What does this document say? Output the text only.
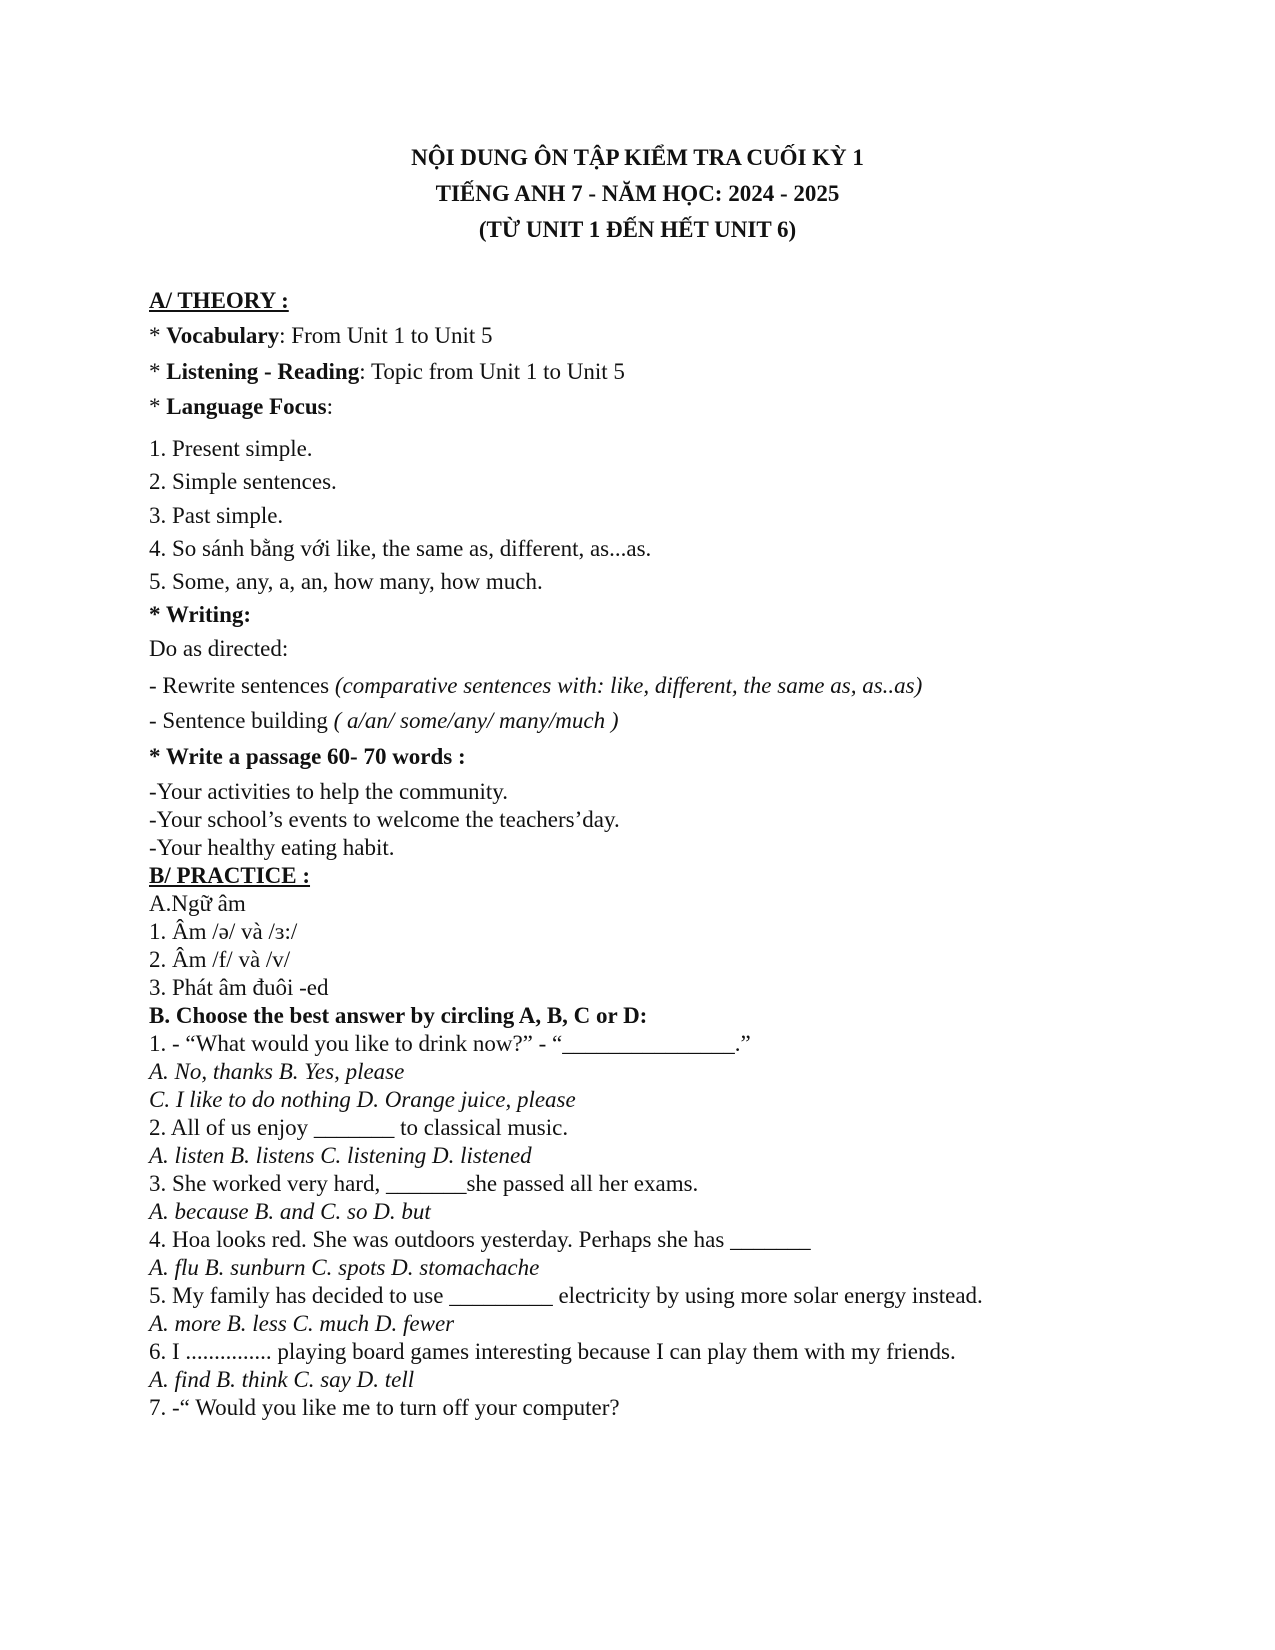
NỘI DUNG ÔN TẬP KIỂM TRA CUỐI KỲ 1
TIẾNG ANH 7 - NĂM HỌC: 2024 - 2025
(TỪ UNIT 1 ĐẾN HẾT UNIT 6)
A/ THEORY :
* Vocabulary: From Unit 1 to Unit 5
* Listening - Reading: Topic from Unit 1 to Unit 5
* Language Focus:
1. Present simple.
2. Simple sentences.
3. Past simple.
4. So sánh bằng với like, the same as, different, as...as.
5. Some, any, a, an, how many, how much.
* Writing:
Do as directed:
- Rewrite sentences (comparative sentences with: like, different, the same as, as..as)
- Sentence building ( a/an/ some/any/ many/much )
* Write a passage 60- 70 words :
-Your activities to help the community.
-Your school’s events to welcome the teachers’day.
-Your healthy eating habit.
B/ PRACTICE :
A.Ngữ âm
1. Âm /ə/ và /ɜ:/
2. Âm /f/ và /v/
3. Phát âm đuôi -ed
B. Choose the best answer by circling A, B, C or D:
1. - “What would you like to drink now?” - “_______________.”
A. No, thanks B. Yes, please
C. I like to do nothing D. Orange juice, please
2. All of us enjoy _______ to classical music.
A. listen B. listens C. listening D. listened
3. She worked very hard, _______she passed all her exams.
A. because B. and C. so D. but
4. Hoa looks red. She was outdoors yesterday. Perhaps she has _______
A. flu B. sunburn C. spots D. stomachache
5. My family has decided to use _________ electricity by using more solar energy instead.
A. more B. less C. much D. fewer
6. I ............... playing board games interesting because I can play them with my friends.
A. find B. think C. say D. tell
7. -“ Would you like me to turn off your computer?
